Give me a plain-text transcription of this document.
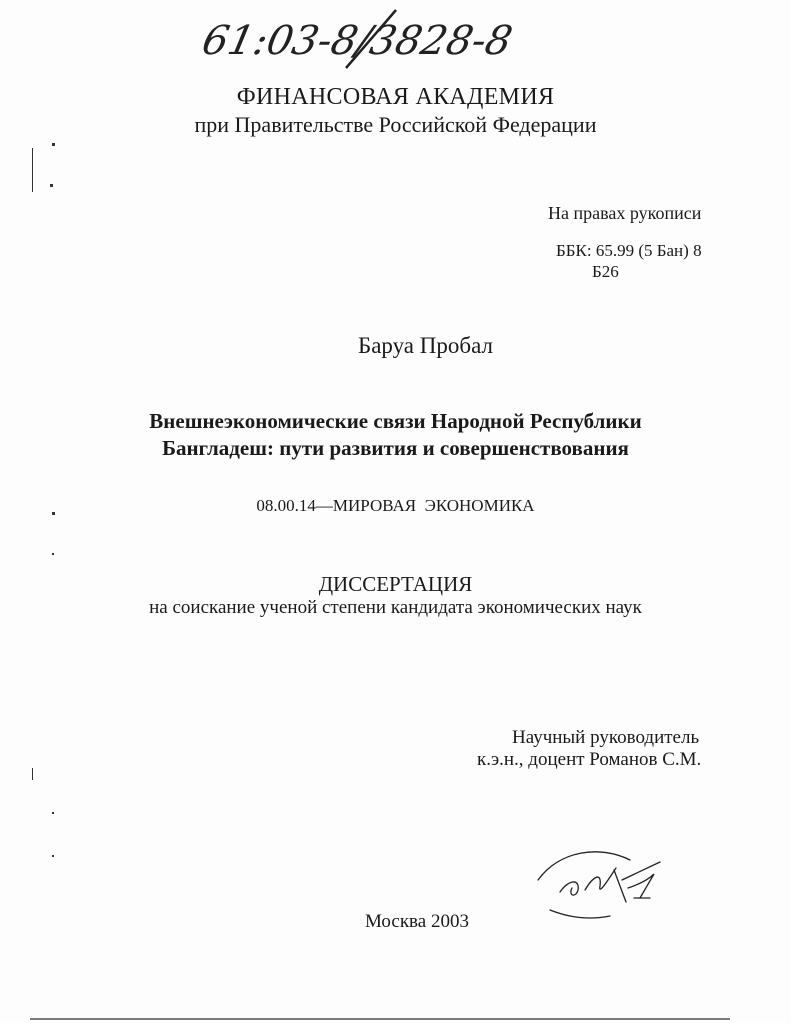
61:03-8/3828-8
ФИНАНСОВАЯ АКАДЕМИЯ
при Правительстве Российской Федерации
На правах рукописи
ББК: 65.99 (5 Бан) 8
Б26
Баруа Пробал
Внешнеэкономические связи Народной Республики
Бангладеш: пути развития и совершенствования
08.00.14—МИРОВАЯ  ЭКОНОМИКА
ДИССЕРТАЦИЯ
на соискание ученой степени кандидата экономических наук
Научный руководитель
к.э.н., доцент Романов С.М.
Москва 2003
